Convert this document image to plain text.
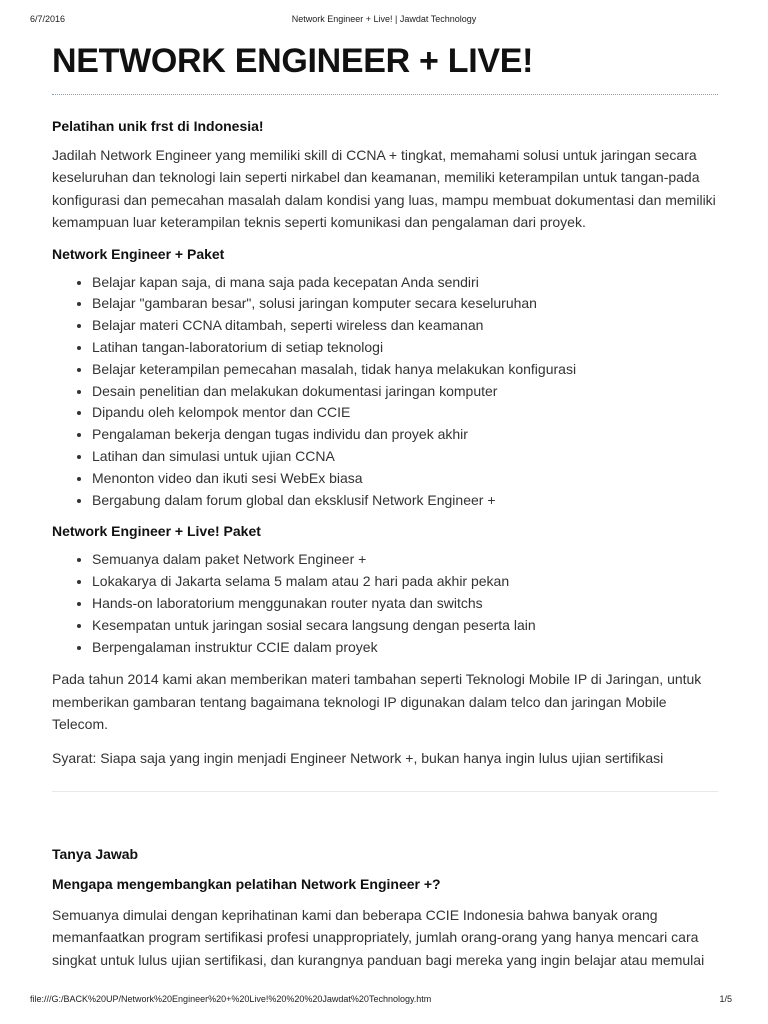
6/7/2016	Network Engineer + Live! | Jawdat Technology
NETWORK ENGINEER + LIVE!

Pelatihan unik frst di Indonesia!

Jadilah Network Engineer yang memiliki skill di CCNA + tingkat, memahami solusi untuk jaringan secara keseluruhan dan teknologi lain seperti nirkabel dan keamanan, memiliki keterampilan untuk tangan-pada konfigurasi dan pemecahan masalah dalam kondisi yang luas, mampu membuat dokumentasi dan memiliki kemampuan luar keterampilan teknis seperti komunikasi dan pengalaman dari proyek.

Network Engineer + Paket

• Belajar kapan saja, di mana saja pada kecepatan Anda sendiri
• Belajar "gambaran besar", solusi jaringan komputer secara keseluruhan
• Belajar materi CCNA ditambah, seperti wireless dan keamanan
• Latihan tangan-laboratorium di setiap teknologi
• Belajar keterampilan pemecahan masalah, tidak hanya melakukan konfigurasi
• Desain penelitian dan melakukan dokumentasi jaringan komputer
• Dipandu oleh kelompok mentor dan CCIE
• Pengalaman bekerja dengan tugas individu dan proyek akhir
• Latihan dan simulasi untuk ujian CCNA
• Menonton video dan ikuti sesi WebEx biasa
• Bergabung dalam forum global dan eksklusif Network Engineer +

Network Engineer + Live! Paket

• Semuanya dalam paket Network Engineer +
• Lokakarya di Jakarta selama 5 malam atau 2 hari pada akhir pekan
• Hands-on laboratorium menggunakan router nyata dan switchs
• Kesempatan untuk jaringan sosial secara langsung dengan peserta lain
• Berpengalaman instruktur CCIE dalam proyek

Pada tahun 2014 kami akan memberikan materi tambahan seperti Teknologi Mobile IP di Jaringan, untuk memberikan gambaran tentang bagaimana teknologi IP digunakan dalam telco dan jaringan Mobile Telecom.

Syarat: Siapa saja yang ingin menjadi Engineer Network +, bukan hanya ingin lulus ujian sertifikasi

Tanya Jawab

Mengapa mengembangkan pelatihan Network Engineer +?

Semuanya dimulai dengan keprihatinan kami dan beberapa CCIE Indonesia bahwa banyak orang memanfaatkan program sertifikasi profesi unappropriately, jumlah orang-orang yang hanya mencari cara singkat untuk lulus ujian sertifikasi, dan kurangnya panduan bagi mereka yang ingin belajar atau memulai

file:///G:/BACK%20UP/Network%20Engineer%20+%20Live!%20%20%20Jawdat%20Technology.htm	1/5
